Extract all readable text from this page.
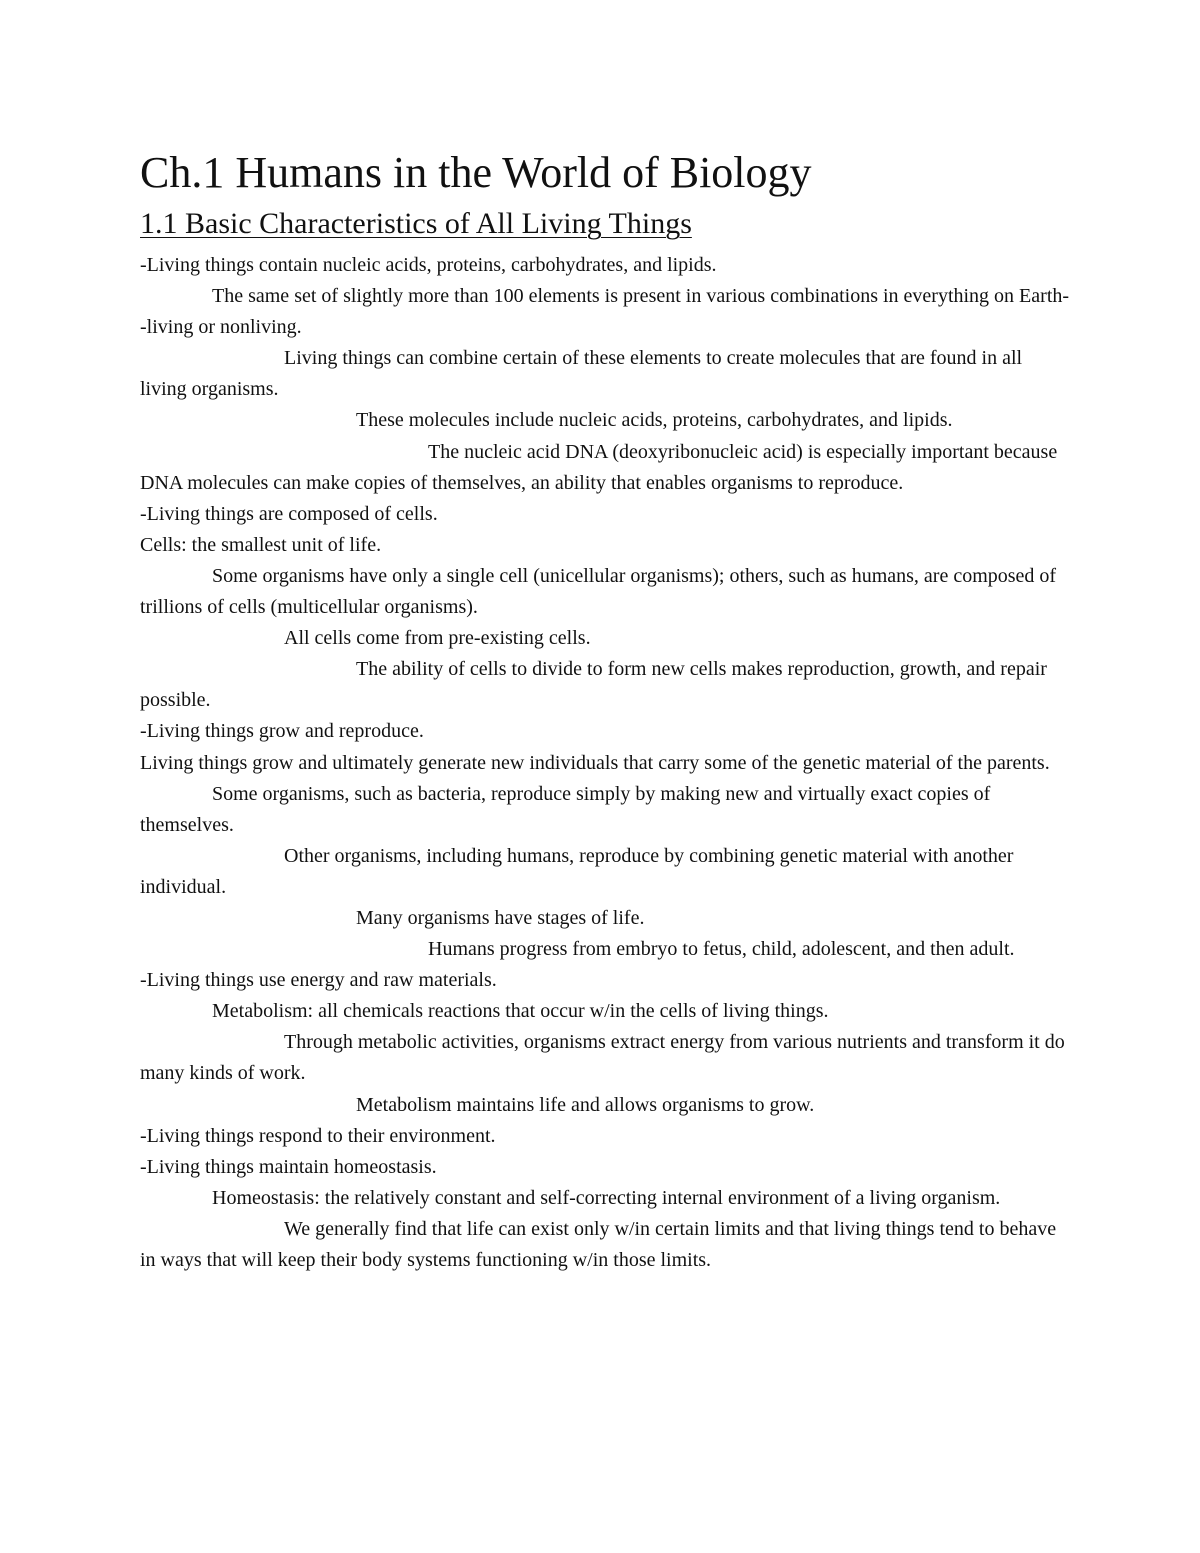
Ch.1 Humans in the World of Biology
1.1 Basic Characteristics of All Living Things

-Living things contain nucleic acids, proteins, carbohydrates, and lipids.

The same set of slightly more than 100 elements is present in various combinations in everything on Earth--living or nonliving.

Living things can combine certain of these elements to create molecules that are found in all living organisms.

These molecules include nucleic acids, proteins, carbohydrates, and lipids.

The nucleic acid DNA (deoxyribonucleic acid) is especially important because DNA molecules can make copies of themselves, an ability that enables organisms to reproduce.

-Living things are composed of cells.

Cells: the smallest unit of life.

Some organisms have only a single cell (unicellular organisms); others, such as humans, are composed of trillions of cells (multicellular organisms).

All cells come from pre-existing cells.

The ability of cells to divide to form new cells makes reproduction, growth, and repair possible.

-Living things grow and reproduce.

Living things grow and ultimately generate new individuals that carry some of the genetic material of the parents.

Some organisms, such as bacteria, reproduce simply by making new and virtually exact copies of themselves.

Other organisms, including humans, reproduce by combining genetic material with another individual.

Many organisms have stages of life.

Humans progress from embryo to fetus, child, adolescent, and then adult.

-Living things use energy and raw materials.

Metabolism: all chemicals reactions that occur w/in the cells of living things.

Through metabolic activities, organisms extract energy from various nutrients and transform it do many kinds of work.

Metabolism maintains life and allows organisms to grow.

-Living things respond to their environment.

-Living things maintain homeostasis.

Homeostasis: the relatively constant and self-correcting internal environment of a living organism.

We generally find that life can exist only w/in certain limits and that living things tend to behave in ways that will keep their body systems functioning w/in those limits.
